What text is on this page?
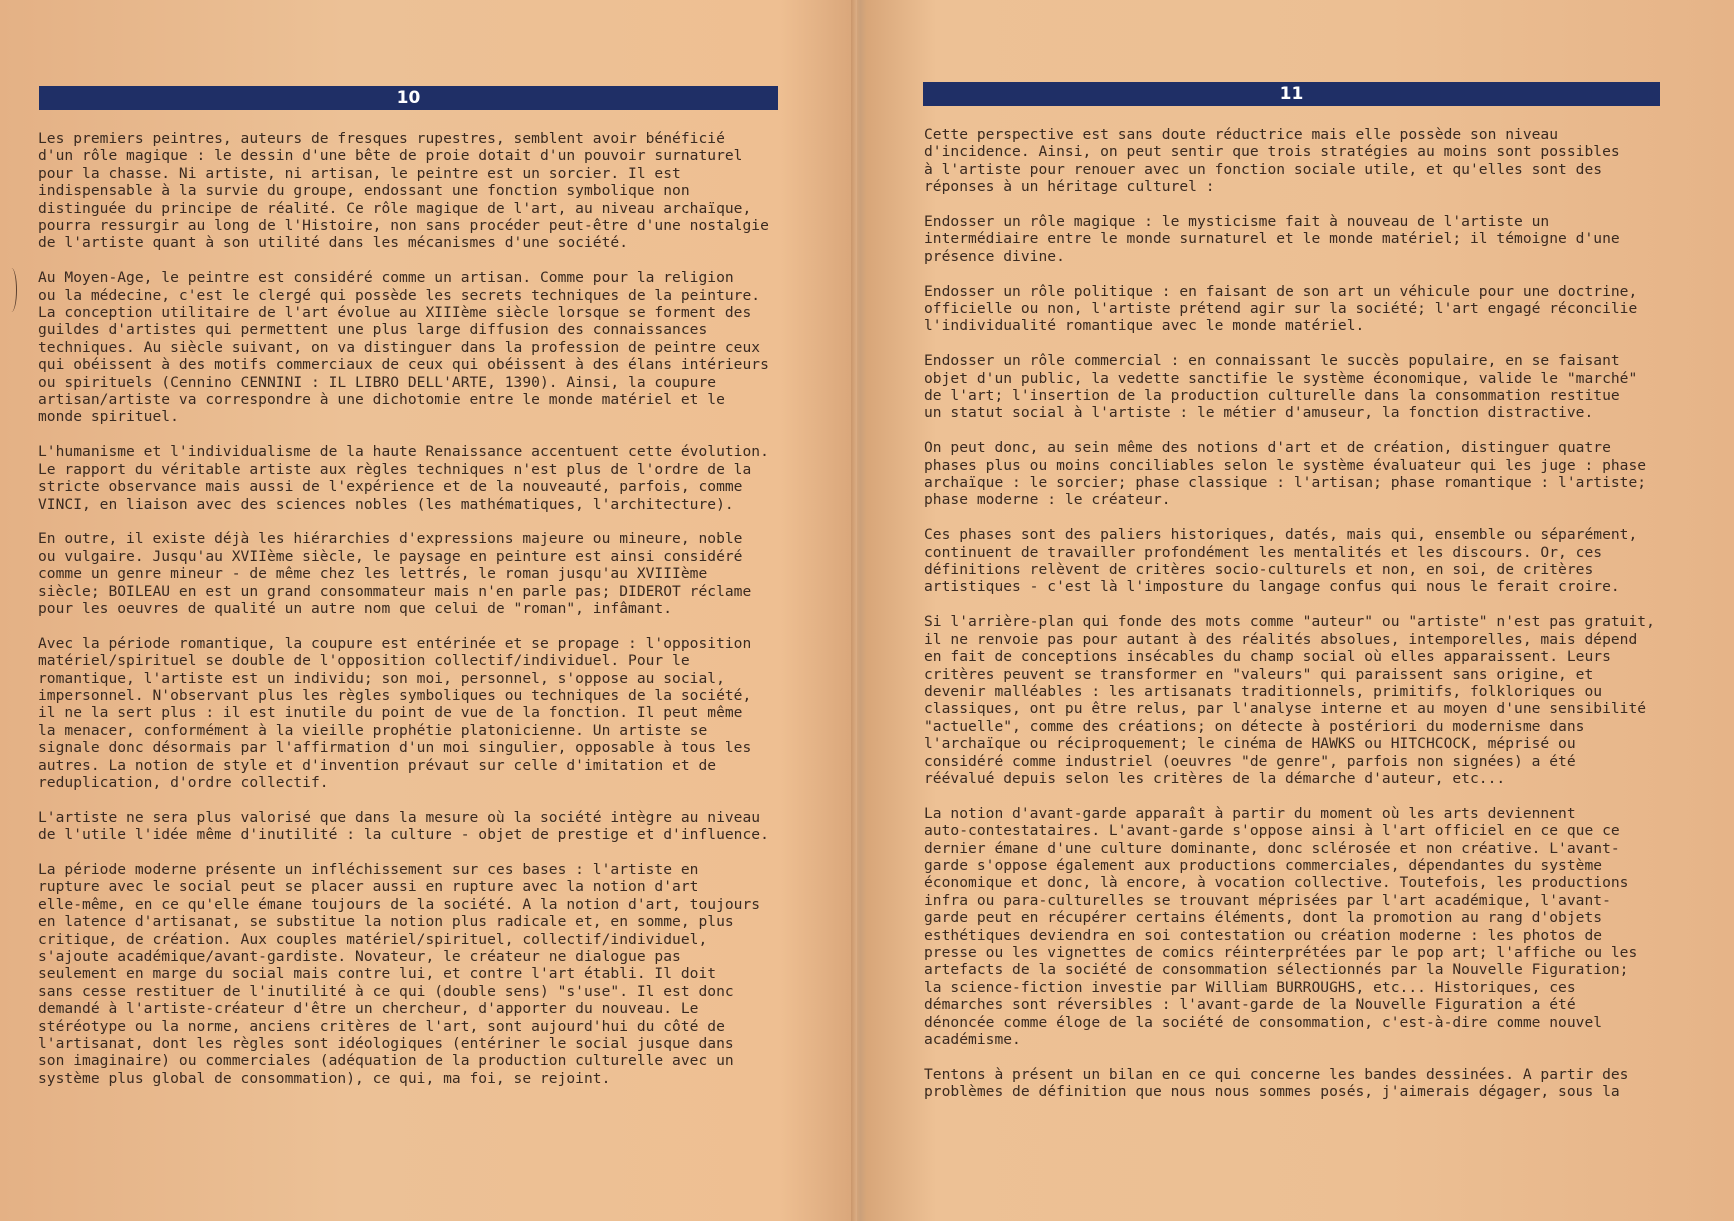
10

Les premiers peintres, auteurs de fresques rupestres, semblent avoir bénéficié
d'un rôle magique : le dessin d'une bête de proie dotait d'un pouvoir surnaturel
pour la chasse. Ni artiste, ni artisan, le peintre est un sorcier. Il est
indispensable à la survie du groupe, endossant une fonction symbolique non
distinguée du principe de réalité. Ce rôle magique de l'art, au niveau archaïque,
pourra ressurgir au long de l'Histoire, non sans procéder peut-être d'une nostalgie
de l'artiste quant à son utilité dans les mécanismes d'une société.

Au Moyen-Age, le peintre est considéré comme un artisan. Comme pour la religion
ou la médecine, c'est le clergé qui possède les secrets techniques de la peinture.
La conception utilitaire de l'art évolue au XIIIème siècle lorsque se forment des
guildes d'artistes qui permettent une plus large diffusion des connaissances
techniques. Au siècle suivant, on va distinguer dans la profession de peintre ceux
qui obéissent à des motifs commerciaux de ceux qui obéissent à des élans intérieurs
ou spirituels (Cennino CENNINI : IL LIBRO DELL'ARTE, 1390). Ainsi, la coupure
artisan/artiste va correspondre à une dichotomie entre le monde matériel et le
monde spirituel.

L'humanisme et l'individualisme de la haute Renaissance accentuent cette évolution.
Le rapport du véritable artiste aux règles techniques n'est plus de l'ordre de la
stricte observance mais aussi de l'expérience et de la nouveauté, parfois, comme
VINCI, en liaison avec des sciences nobles (les mathématiques, l'architecture).

En outre, il existe déjà les hiérarchies d'expressions majeure ou mineure, noble
ou vulgaire. Jusqu'au XVIIème siècle, le paysage en peinture est ainsi considéré
comme un genre mineur - de même chez les lettrés, le roman jusqu'au XVIIIème
siècle; BOILEAU en est un grand consommateur mais n'en parle pas; DIDEROT réclame
pour les oeuvres de qualité un autre nom que celui de "roman", infâmant.

Avec la période romantique, la coupure est entérinée et se propage : l'opposition
matériel/spirituel se double de l'opposition collectif/individuel. Pour le
romantique, l'artiste est un individu; son moi, personnel, s'oppose au social,
impersonnel. N'observant plus les règles symboliques ou techniques de la société,
il ne la sert plus : il est inutile du point de vue de la fonction. Il peut même
la menacer, conformément à la vieille prophétie platonicienne. Un artiste se
signale donc désormais par l'affirmation d'un moi singulier, opposable à tous les
autres. La notion de style et d'invention prévaut sur celle d'imitation et de
reduplication, d'ordre collectif.

L'artiste ne sera plus valorisé que dans la mesure où la société intègre au niveau
de l'utile l'idée même d'inutilité : la culture - objet de prestige et d'influence.

La période moderne présente un infléchissement sur ces bases : l'artiste en
rupture avec le social peut se placer aussi en rupture avec la notion d'art
elle-même, en ce qu'elle émane toujours de la société. A la notion d'art, toujours
en latence d'artisanat, se substitue la notion plus radicale et, en somme, plus
critique, de création. Aux couples matériel/spirituel, collectif/individuel,
s'ajoute académique/avant-gardiste. Novateur, le créateur ne dialogue pas
seulement en marge du social mais contre lui, et contre l'art établi. Il doit
sans cesse restituer de l'inutilité à ce qui (double sens) "s'use". Il est donc
demandé à l'artiste-créateur d'être un chercheur, d'apporter du nouveau. Le
stéréotype ou la norme, anciens critères de l'art, sont aujourd'hui du côté de
l'artisanat, dont les règles sont idéologiques (entériner le social jusque dans
son imaginaire) ou commerciales (adéquation de la production culturelle avec un
système plus global de consommation), ce qui, ma foi, se rejoint.

11

Cette perspective est sans doute réductrice mais elle possède son niveau
d'incidence. Ainsi, on peut sentir que trois stratégies au moins sont possibles
à l'artiste pour renouer avec un fonction sociale utile, et qu'elles sont des
réponses à un héritage culturel :

Endosser un rôle magique : le mysticisme fait à nouveau de l'artiste un
intermédiaire entre le monde surnaturel et le monde matériel; il témoigne d'une
présence divine.

Endosser un rôle politique : en faisant de son art un véhicule pour une doctrine,
officielle ou non, l'artiste prétend agir sur la société; l'art engagé réconcilie
l'individualité romantique avec le monde matériel.

Endosser un rôle commercial : en connaissant le succès populaire, en se faisant
objet d'un public, la vedette sanctifie le système économique, valide le "marché"
de l'art; l'insertion de la production culturelle dans la consommation restitue
un statut social à l'artiste : le métier d'amuseur, la fonction distractive.

On peut donc, au sein même des notions d'art et de création, distinguer quatre
phases plus ou moins conciliables selon le système évaluateur qui les juge : phase
archaïque : le sorcier; phase classique : l'artisan; phase romantique : l'artiste;
phase moderne : le créateur.

Ces phases sont des paliers historiques, datés, mais qui, ensemble ou séparément,
continuent de travailler profondément les mentalités et les discours. Or, ces
définitions relèvent de critères socio-culturels et non, en soi, de critères
artistiques - c'est là l'imposture du langage confus qui nous le ferait croire.

Si l'arrière-plan qui fonde des mots comme "auteur" ou "artiste" n'est pas gratuit,
il ne renvoie pas pour autant à des réalités absolues, intemporelles, mais dépend
en fait de conceptions insécables du champ social où elles apparaissent. Leurs
critères peuvent se transformer en "valeurs" qui paraissent sans origine, et
devenir malléables : les artisanats traditionnels, primitifs, folkloriques ou
classiques, ont pu être relus, par l'analyse interne et au moyen d'une sensibilité
"actuelle", comme des créations; on détecte à postériori du modernisme dans
l'archaïque ou réciproquement; le cinéma de HAWKS ou HITCHCOCK, méprisé ou
considéré comme industriel (oeuvres "de genre", parfois non signées) a été
réévalué depuis selon les critères de la démarche d'auteur, etc...

La notion d'avant-garde apparaît à partir du moment où les arts deviennent
auto-contestataires. L'avant-garde s'oppose ainsi à l'art officiel en ce que ce
dernier émane d'une culture dominante, donc sclérosée et non créative. L'avant-
garde s'oppose également aux productions commerciales, dépendantes du système
économique et donc, là encore, à vocation collective. Toutefois, les productions
infra ou para-culturelles se trouvant méprisées par l'art académique, l'avant-
garde peut en récupérer certains éléments, dont la promotion au rang d'objets
esthétiques deviendra en soi contestation ou création moderne : les photos de
presse ou les vignettes de comics réinterprétées par le pop art; l'affiche ou les
artefacts de la société de consommation sélectionnés par la Nouvelle Figuration;
la science-fiction investie par William BURROUGHS, etc... Historiques, ces
démarches sont réversibles : l'avant-garde de la Nouvelle Figuration a été
dénoncée comme éloge de la société de consommation, c'est-à-dire comme nouvel
académisme.

Tentons à présent un bilan en ce qui concerne les bandes dessinées. A partir des
problèmes de définition que nous nous sommes posés, j'aimerais dégager, sous la
